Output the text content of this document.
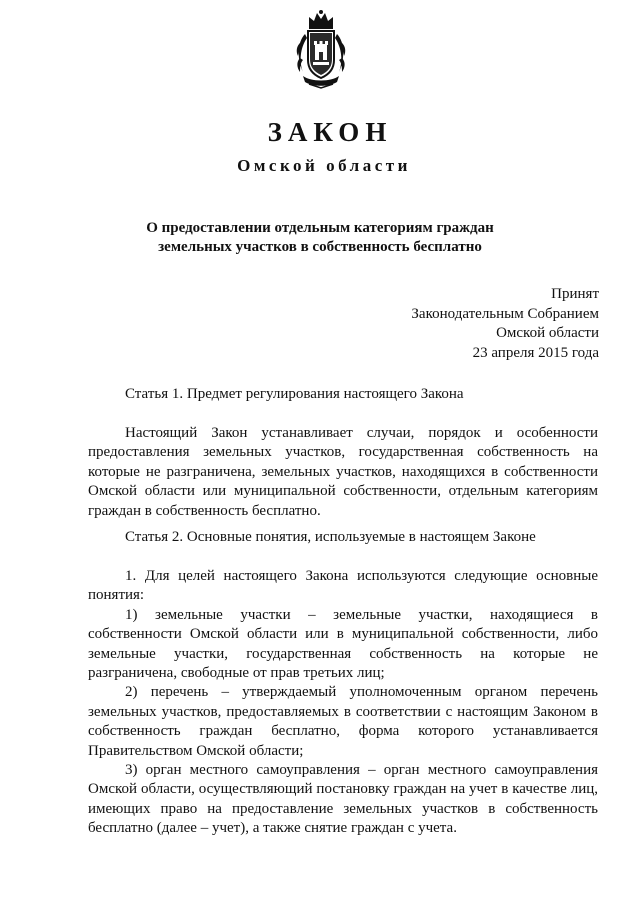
ЗАКОН
Омской области
О предоставлении отдельным категориям граждан
земельных участков в собственность бесплатно
Принят
Законодательным Собранием
Омской области
23 апреля 2015 года

Статья 1. Предмет регулирования настоящего Закона

Настоящий Закон устанавливает случаи, порядок и особенности предоставления земельных участков, государственная собственность на которые не разграничена, земельных участков, находящихся в собственности Омской области или муниципальной собственности, отдельным категориям граждан в собственность бесплатно.

Статья 2. Основные понятия, используемые в настоящем Законе

1. Для целей настоящего Закона используются следующие основные понятия:

1) земельные участки – земельные участки, находящиеся в собственности Омской области или в муниципальной собственности, либо земельные участки, государственная собственность на которые не разграничена, свободные от прав третьих лиц;

2) перечень – утверждаемый уполномоченным органом перечень земельных участков, предоставляемых в соответствии с настоящим Законом в собственность граждан бесплатно, форма которого устанавливается Правительством Омской области;

3) орган местного самоуправления – орган местного самоуправления Омской области, осуществляющий постановку граждан на учет в качестве лиц, имеющих право на предоставление земельных участков в собственность бесплатно (далее – учет), а также снятие граждан с учета.
